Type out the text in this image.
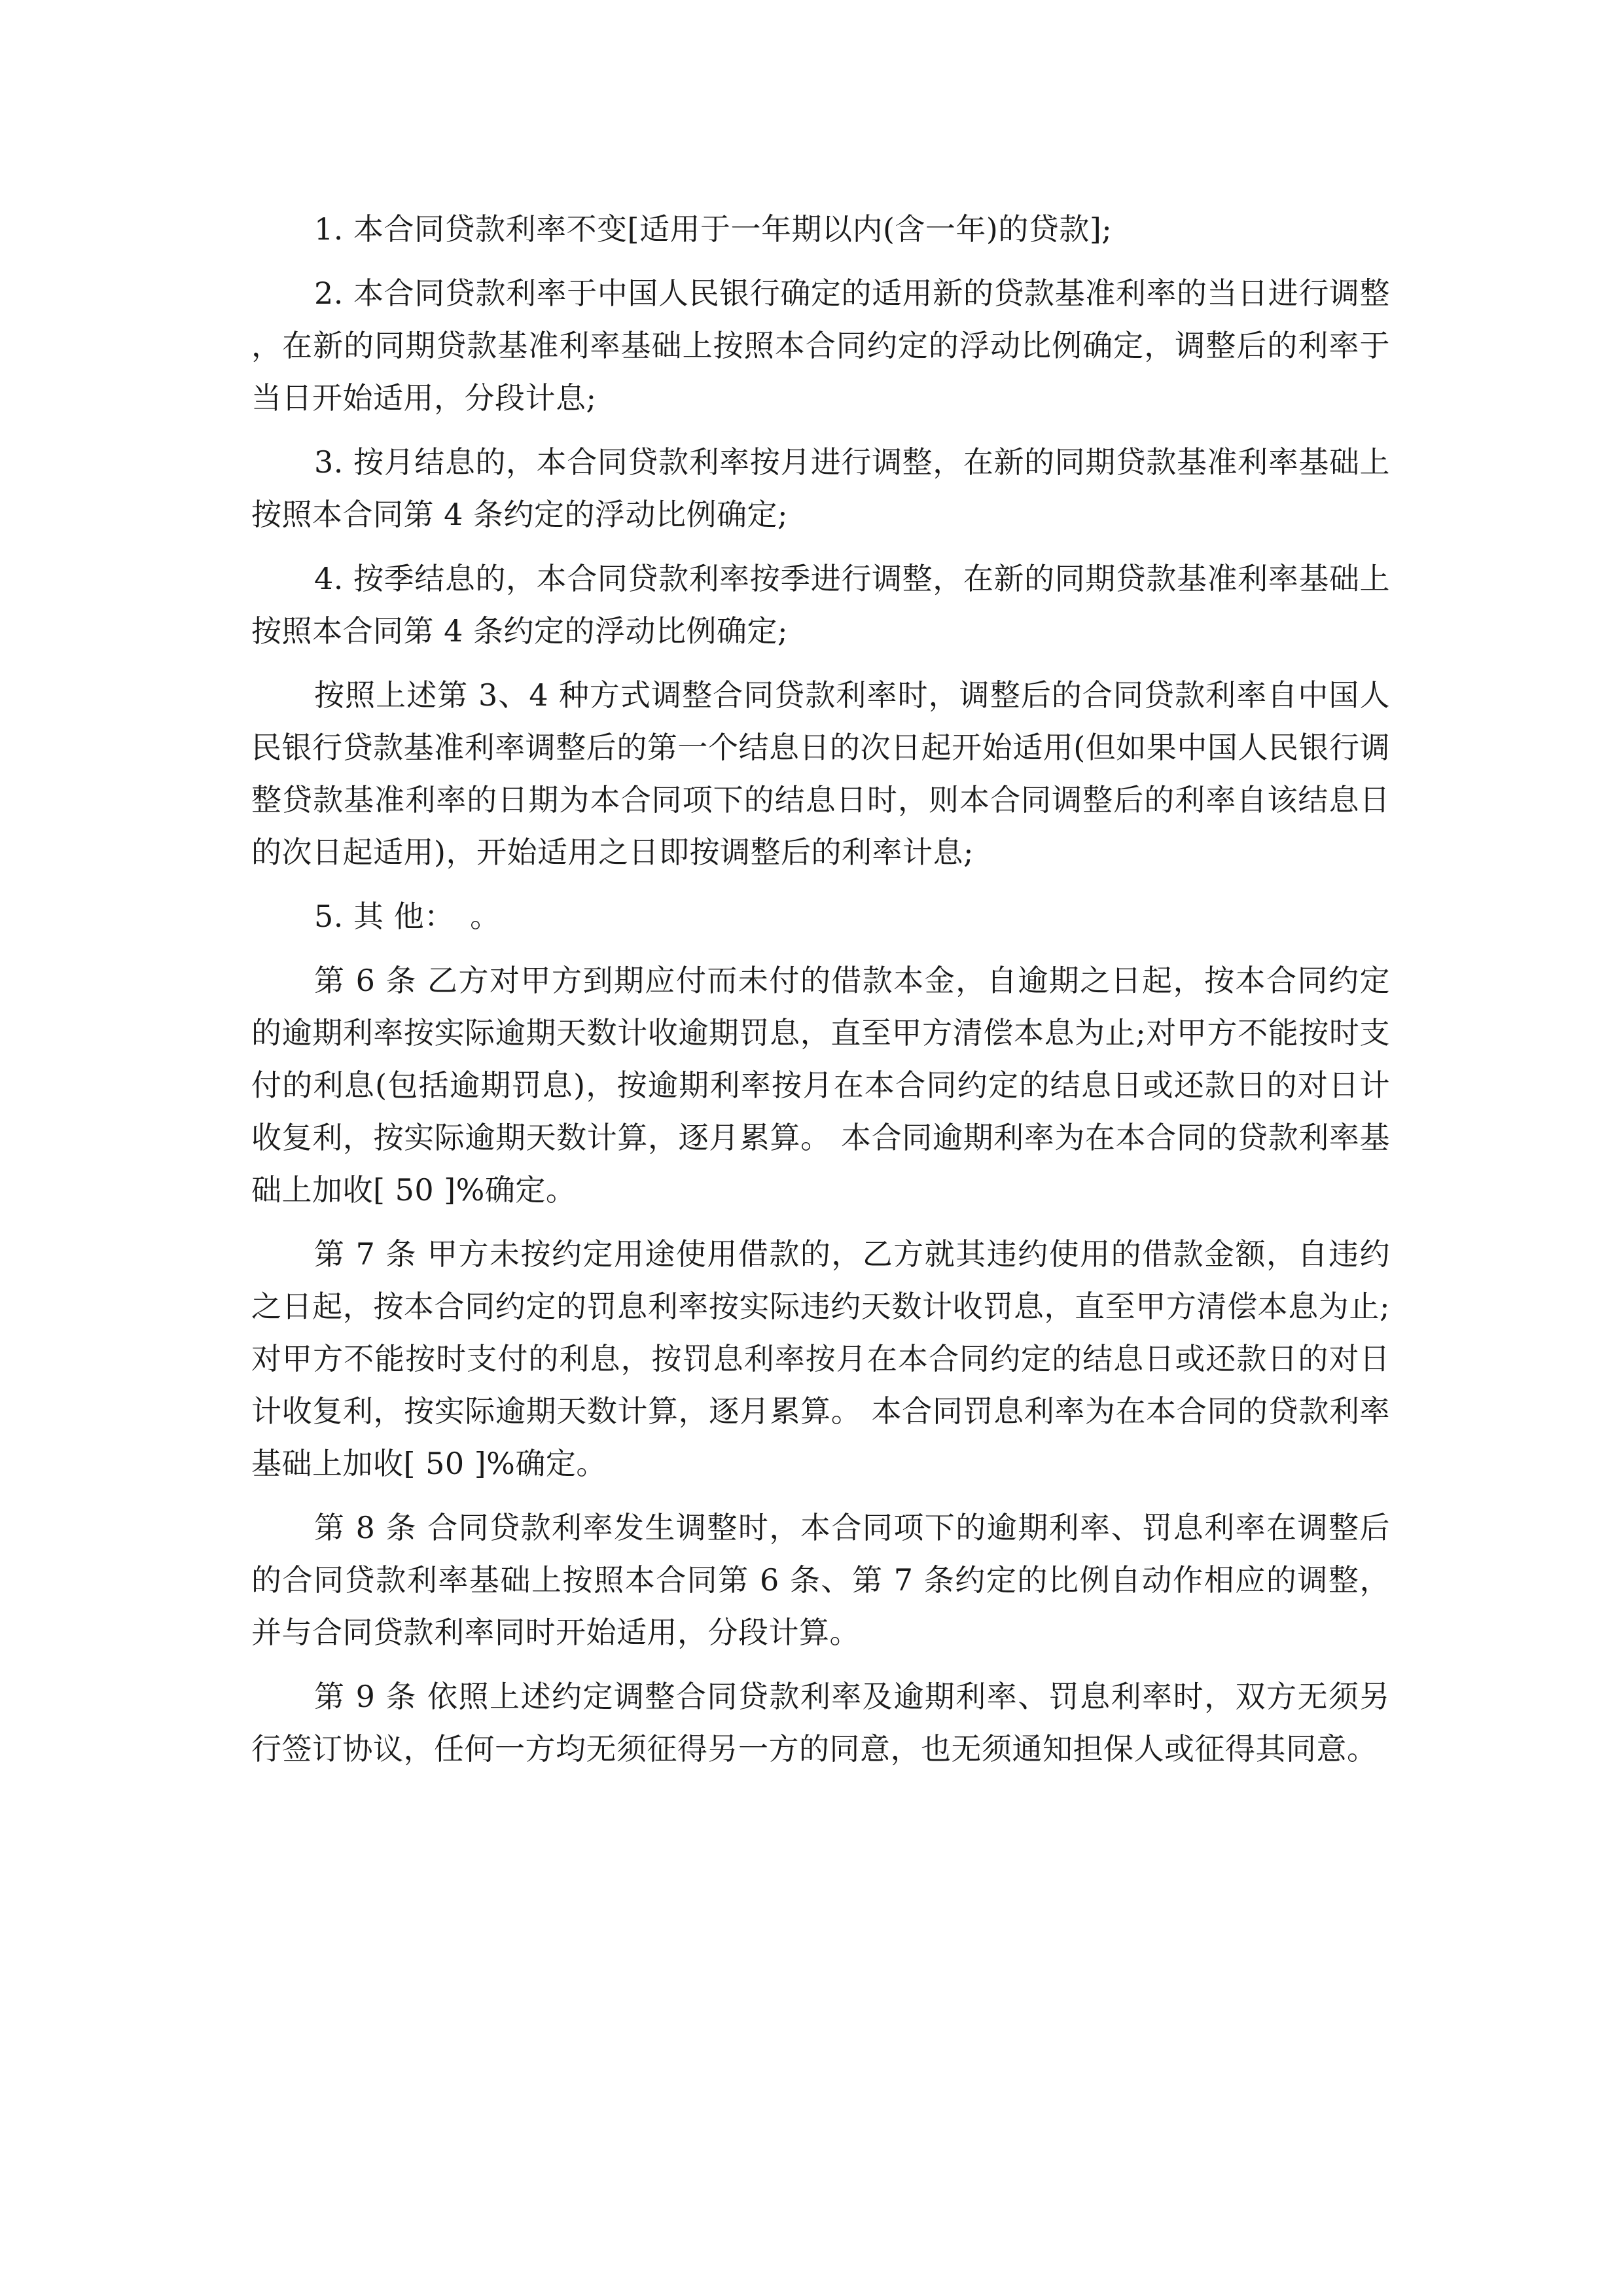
1. 本合同贷款利率不变[适用于一年期以内(含一年)的贷款];

2. 本合同贷款利率于中国人民银行确定的适用新的贷款基准利率的当日进行调整，在新的同期贷款基准利率基础上按照本合同约定的浮动比例确定，调整后的利率于当日开始适用，分段计息;

3. 按月结息的，本合同贷款利率按月进行调整，在新的同期贷款基准利率基础上按照本合同第 4 条约定的浮动比例确定;

4. 按季结息的，本合同贷款利率按季进行调整，在新的同期贷款基准利率基础上按照本合同第 4 条约定的浮动比例确定;

按照上述第 3、4 种方式调整合同贷款利率时，调整后的合同贷款利率自中国人民银行贷款基准利率调整后的第一个结息日的次日起开始适用(但如果中国人民银行调整贷款基准利率的日期为本合同项下的结息日时，则本合同调整后的利率自该结息日的次日起适用)，开始适用之日即按调整后的利率计息;

5. 其 他：　。

第 6 条 乙方对甲方到期应付而未付的借款本金，自逾期之日起，按本合同约定的逾期利率按实际逾期天数计收逾期罚息，直至甲方清偿本息为止;对甲方不能按时支付的利息(包括逾期罚息)，按逾期利率按月在本合同约定的结息日或还款日的对日计收复利，按实际逾期天数计算，逐月累算。 本合同逾期利率为在本合同的贷款利率基础上加收[ 50 ]%确定。

第 7 条 甲方未按约定用途使用借款的，乙方就其违约使用的借款金额，自违约之日起，按本合同约定的罚息利率按实际违约天数计收罚息，直至甲方清偿本息为止;对甲方不能按时支付的利息，按罚息利率按月在本合同约定的结息日或还款日的对日计收复利，按实际逾期天数计算，逐月累算。 本合同罚息利率为在本合同的贷款利率基础上加收[ 50 ]%确定。

第 8 条 合同贷款利率发生调整时，本合同项下的逾期利率、罚息利率在调整后的合同贷款利率基础上按照本合同第 6 条、第 7 条约定的比例自动作相应的调整，并与合同贷款利率同时开始适用，分段计算。

第 9 条 依照上述约定调整合同贷款利率及逾期利率、罚息利率时，双方无须另行签订协议，任何一方均无须征得另一方的同意，也无须通知担保人或征得其同意。
